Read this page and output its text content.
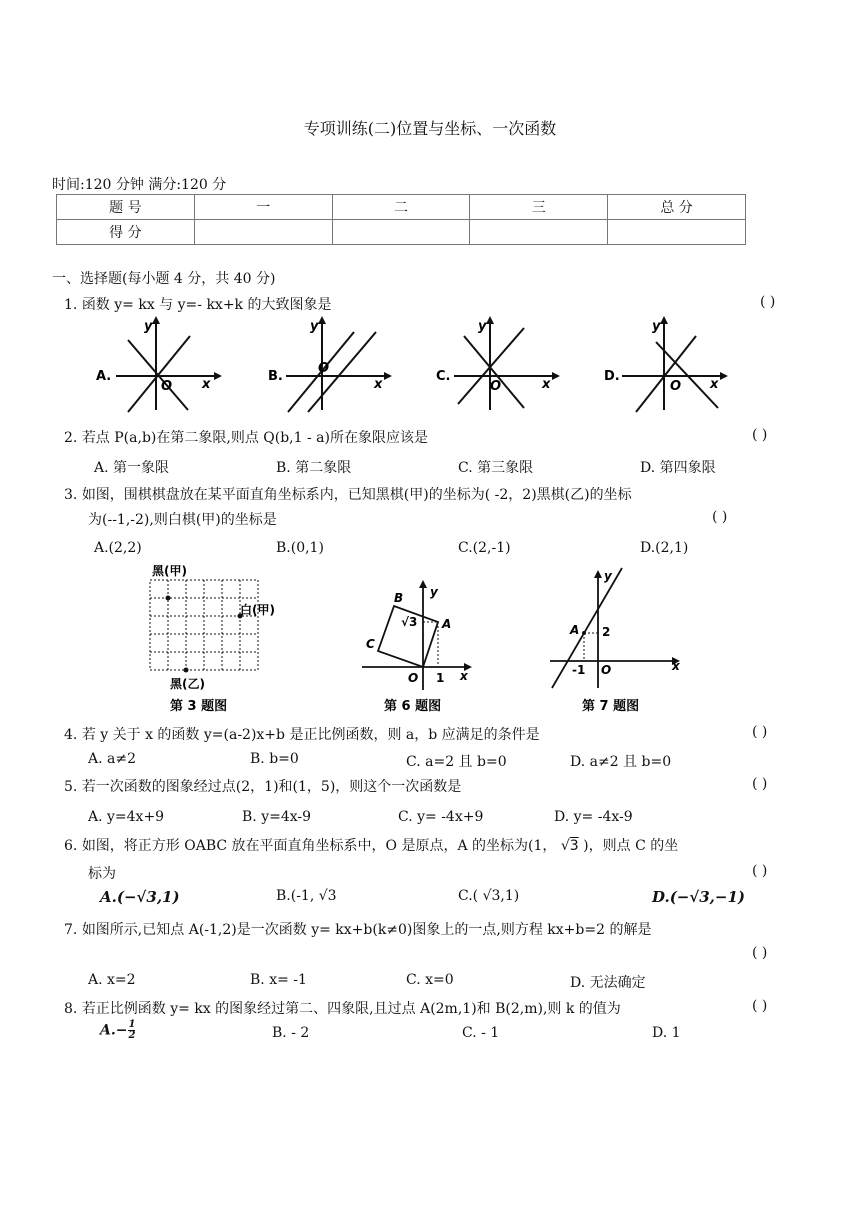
专项训练(二)位置与坐标、一次函数
时间:120 分钟 满分:120 分
题 号	一	二	三	总 分
得 分				
一、选择题(每小题 4 分，共 40 分)
1. 函数 y= kx 与 y=- kx+k 的大致图象是	( )
A.
y
x
O
B.
y
x
O
C.
y
x
O
D.
y
x
O
2. 若点 P(a,b)在第二象限,则点 Q(b,1 - a)所在象限应该是	( )
A. 第一象限	B. 第二象限	C. 第三象限	D. 第四象限
3. 如图，围棋棋盘放在某平面直角坐标系内，已知黑棋(甲)的坐标为( -2，2)黑棋(乙)的坐标
为(--1,-2),则白棋(甲)的坐标是	( )
A.(2,2)	B.(0,1)	C.(2,-1)	D.(2,1)
黑(甲)
白(甲)
黑(乙)
第 3 题图
B
A
C
O
y
x
1
√3
第 6 题图
A 2
-1 O
y
x
第 7 题图
4. 若 y 关于 x 的函数 y=(a-2)x+b 是正比例函数，则 a，b 应满足的条件是	( )
A. a≠2	B. b=0	C. a=2 且 b=0	D. a≠2 且 b=0
5. 若一次函数的图象经过点(2，1)和(1，5)，则这个一次函数是	( )
A. y=4x+9	B. y=4x-9	C. y= -4x+9	D. y= -4x-9
6. 如图，将正方形 OABC 放在平面直角坐标系中，O 是原点，A 的坐标为(1， √3 )，则点 C 的坐
标为	( )
A.(−√3,1)	B.(-1, √3	C.( √3,1)	D.(−√3,−1)
7. 如图所示,已知点 A(-1,2)是一次函数 y= kx+b(k≠0)图象上的一点,则方程 kx+b=2 的解是
( )
A. x=2	B. x= -1	C. x=0	D. 无法确定
8. 若正比例函数 y= kx 的图象经过第二、四象限,且过点 A(2m,1)和 B(2,m),则 k 的值为	( )
$A.- \frac{1}{2}$	B. - 2	C. - 1	D. 1
